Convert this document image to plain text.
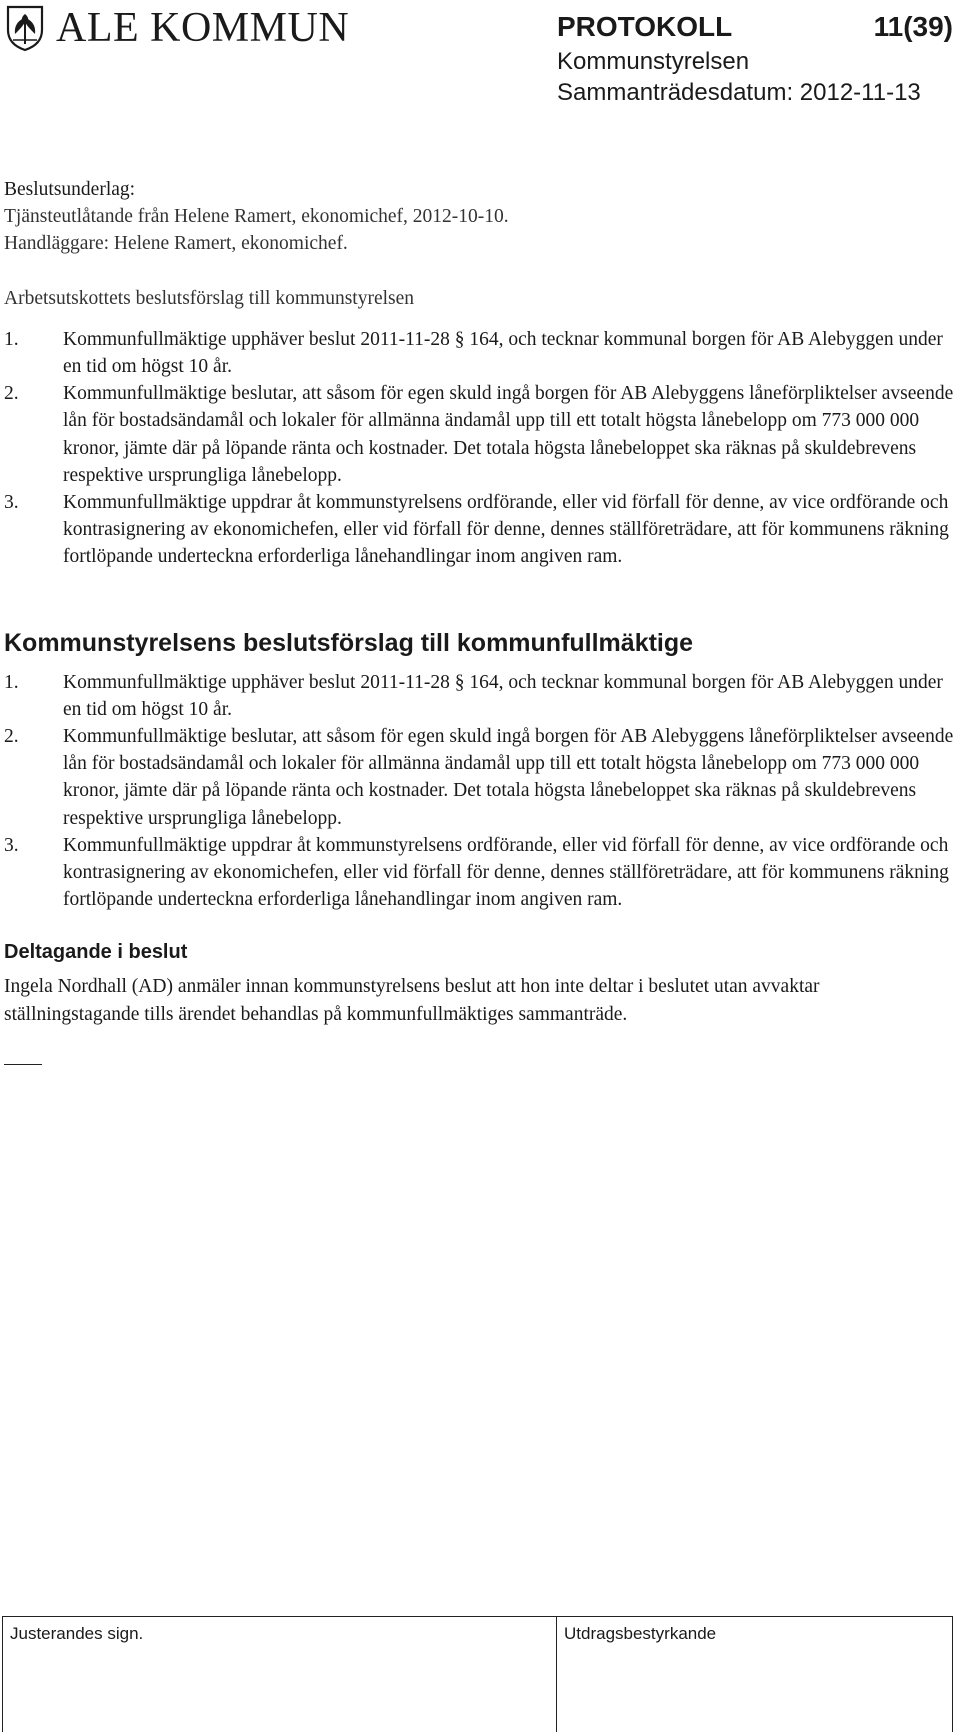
ALE KOMMUN	PROTOKOLL	11(39)
Kommunstyrelsen
Sammanträdesdatum: 2012-11-13

Beslutsunderlag:

Tjänsteutlåtande från Helene Ramert, ekonomichef, 2012-10-10.

Handläggare: Helene Ramert, ekonomichef.

Arbetsutskottets beslutsförslag till kommunstyrelsen

1.	Kommunfullmäktige upphäver beslut 2011-11-28 § 164, och tecknar kommunal borgen för AB Alebyggen under en tid om högst 10 år.
2.	Kommunfullmäktige beslutar, att såsom för egen skuld ingå borgen för AB Alebyggens låneförpliktelser avseende lån för bostadsändamål och lokaler för allmänna ändamål upp till ett totalt högsta lånebelopp om 773 000 000 kronor, jämte där på löpande ränta och kostnader. Det totala högsta lånebeloppet ska räknas på skuldebrevens respektive ursprungliga lånebelopp.
3.	Kommunfullmäktige uppdrar åt kommunstyrelsens ordförande, eller vid förfall för denne, av vice ordförande och kontrasignering av ekonomichefen, eller vid förfall för denne, dennes ställföreträdare, att för kommunens räkning fortlöpande underteckna erforderliga lånehandlingar inom angiven ram.
Kommunstyrelsens beslutsförslag till kommunfullmäktige
1.	Kommunfullmäktige upphäver beslut 2011-11-28 § 164, och tecknar kommunal borgen för AB Alebyggen under en tid om högst 10 år.
2.	Kommunfullmäktige beslutar, att såsom för egen skuld ingå borgen för AB Alebyggens låneförpliktelser avseende lån för bostadsändamål och lokaler för allmänna ändamål upp till ett totalt högsta lånebelopp om 773 000 000 kronor, jämte där på löpande ränta och kostnader. Det totala högsta lånebeloppet ska räknas på skuldebrevens respektive ursprungliga lånebelopp.
3.	Kommunfullmäktige uppdrar åt kommunstyrelsens ordförande, eller vid förfall för denne, av vice ordförande och kontrasignering av ekonomichefen, eller vid förfall för denne, dennes ställföreträdare, att för kommunens räkning fortlöpande underteckna erforderliga lånehandlingar inom angiven ram.
Deltagande i beslut

Ingela Nordhall (AD) anmäler innan kommunstyrelsens beslut att hon inte deltar i beslutet utan avvaktar ställningstagande tills ärendet behandlas på kommunfullmäktiges sammanträde.

Justerandes sign.	Utdragsbestyrkande
